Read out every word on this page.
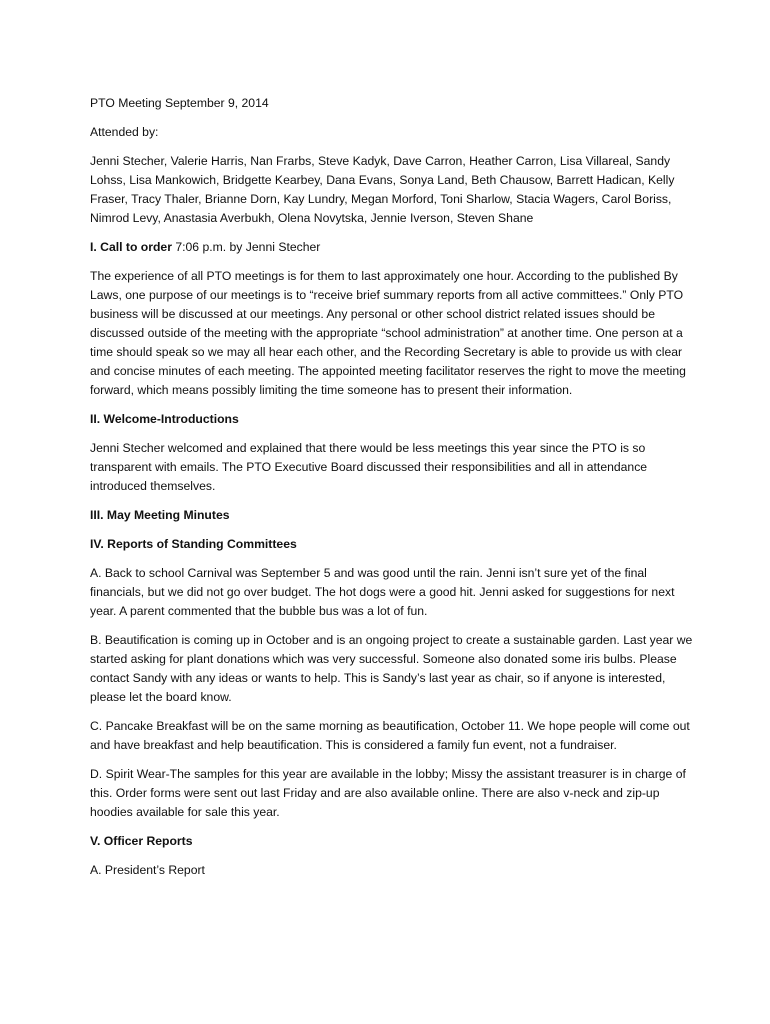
PTO Meeting September 9, 2014

Attended by:

Jenni Stecher, Valerie Harris, Nan Frarbs, Steve Kadyk, Dave Carron, Heather Carron, Lisa Villareal, Sandy Lohss, Lisa Mankowich, Bridgette Kearbey, Dana Evans, Sonya Land, Beth Chausow, Barrett Hadican, Kelly Fraser, Tracy Thaler, Brianne Dorn, Kay Lundry, Megan Morford, Toni Sharlow, Stacia Wagers, Carol Boriss, Nimrod Levy, Anastasia Averbukh, Olena Novytska, Jennie Iverson, Steven Shane

I. Call to order 7:06 p.m. by Jenni Stecher

The experience of all PTO meetings is for them to last approximately one hour. According to the published By Laws, one purpose of our meetings is to “receive brief summary reports from all active committees.” Only PTO business will be discussed at our meetings. Any personal or other school district related issues should be discussed outside of the meeting with the appropriate “school administration” at another time. One person at a time should speak so we may all hear each other, and the Recording Secretary is able to provide us with clear and concise minutes of each meeting. The appointed meeting facilitator reserves the right to move the meeting forward, which means possibly limiting the time someone has to present their information.

II. Welcome-Introductions

Jenni Stecher welcomed and explained that there would be less meetings this year since the PTO is so transparent with emails. The PTO Executive Board discussed their responsibilities and all in attendance introduced themselves.

III. May Meeting Minutes

IV. Reports of Standing Committees

A. Back to school Carnival was September 5 and was good until the rain. Jenni isn’t sure yet of the final financials, but we did not go over budget. The hot dogs were a good hit. Jenni asked for suggestions for next year. A parent commented that the bubble bus was a lot of fun.

B. Beautification is coming up in October and is an ongoing project to create a sustainable garden. Last year we started asking for plant donations which was very successful. Someone also donated some iris bulbs. Please contact Sandy with any ideas or wants to help. This is Sandy’s last year as chair, so if anyone is interested, please let the board know.

C. Pancake Breakfast will be on the same morning as beautification, October 11. We hope people will come out and have breakfast and help beautification. This is considered a family fun event, not a fundraiser.

D. Spirit Wear-The samples for this year are available in the lobby; Missy the assistant treasurer is in charge of this. Order forms were sent out last Friday and are also available online. There are also v-neck and zip-up hoodies available for sale this year.

V. Officer Reports

A. President’s Report
